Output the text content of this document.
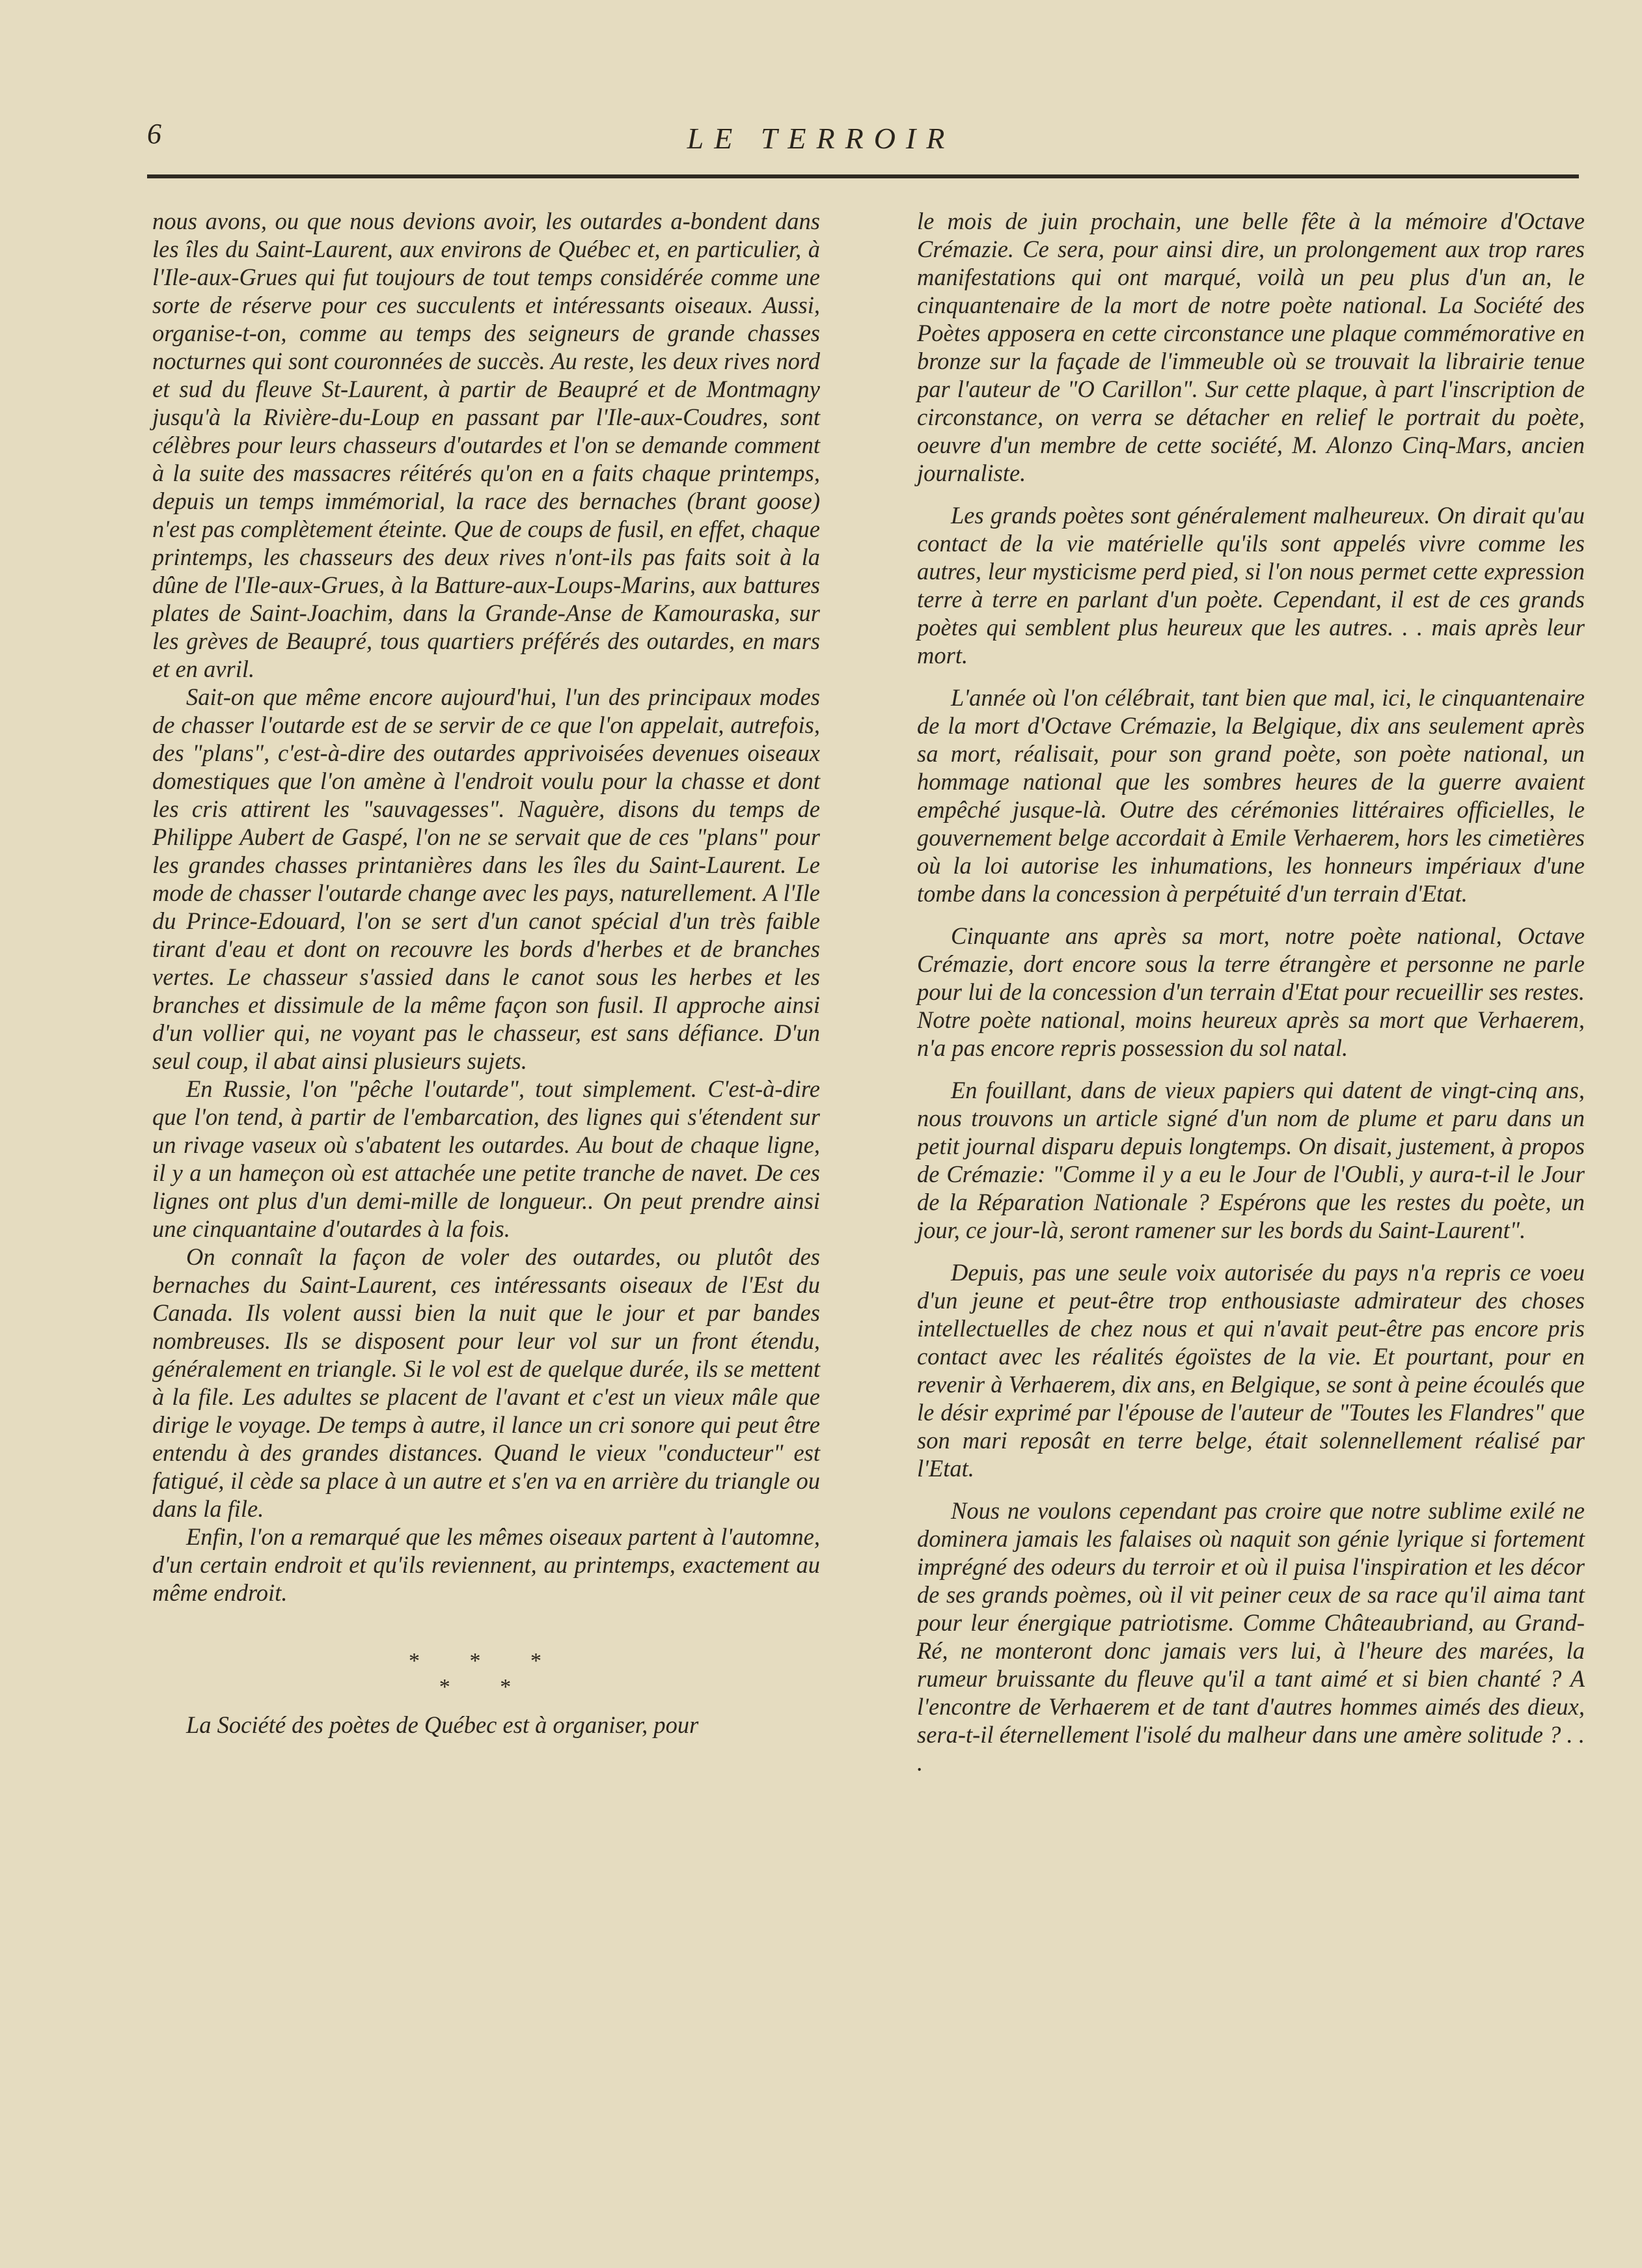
6	LE TERROIR

nous avons, ou que nous devions avoir, les outardes a-bondent dans les îles du Saint-Laurent, aux environs de Québec et, en particulier, à l'Ile-aux-Grues qui fut toujours de tout temps considérée comme une sorte de réserve pour ces succulents et intéressants oiseaux. Aussi, organise-t-on, comme au temps des seigneurs de grande chasses nocturnes qui sont couronnées de succès. Au reste, les deux rives nord et sud du fleuve St-Laurent, à partir de Beaupré et de Montmagny jusqu'à la Rivière-du-Loup en passant par l'Ile-aux-Coudres, sont célèbres pour leurs chasseurs d'outardes et l'on se demande comment à la suite des massacres réitérés qu'on en a faits chaque printemps, depuis un temps immémorial, la race des bernaches (brant goose) n'est pas complètement éteinte. Que de coups de fusil, en effet, chaque printemps, les chasseurs des deux rives n'ont-ils pas faits soit à la dûne de l'Ile-aux-Grues, à la Batture-aux-Loups-Marins, aux battures plates de Saint-Joachim, dans la Grande-Anse de Kamouraska, sur les grèves de Beaupré, tous quartiers préférés des outardes, en mars et en avril.

Sait-on que même encore aujourd'hui, l'un des principaux modes de chasser l'outarde est de se servir de ce que l'on appelait, autrefois, des "plans", c'est-à-dire des outardes apprivoisées devenues oiseaux domestiques que l'on amène à l'endroit voulu pour la chasse et dont les cris attirent les "sauvagesses". Naguère, disons du temps de Philippe Aubert de Gaspé, l'on ne se servait que de ces "plans" pour les grandes chasses printanières dans les îles du Saint-Laurent. Le mode de chasser l'outarde change avec les pays, naturellement. A l'Ile du Prince-Edouard, l'on se sert d'un canot spécial d'un très faible tirant d'eau et dont on recouvre les bords d'herbes et de branches vertes. Le chasseur s'assied dans le canot sous les herbes et les branches et dissimule de la même façon son fusil. Il approche ainsi d'un vollier qui, ne voyant pas le chasseur, est sans défiance. D'un seul coup, il abat ainsi plusieurs sujets.

En Russie, l'on "pêche l'outarde", tout simplement. C'est-à-dire que l'on tend, à partir de l'embarcation, des lignes qui s'étendent sur un rivage vaseux où s'abatent les outardes. Au bout de chaque ligne, il y a un hameçon où est attachée une petite tranche de navet. De ces lignes ont plus d'un demi-mille de longueur.. On peut prendre ainsi une cinquantaine d'outardes à la fois.

On connaît la façon de voler des outardes, ou plutôt des bernaches du Saint-Laurent, ces intéressants oiseaux de l'Est du Canada. Ils volent aussi bien la nuit que le jour et par bandes nombreuses. Ils se disposent pour leur vol sur un front étendu, généralement en triangle. Si le vol est de quelque durée, ils se mettent à la file. Les adultes se placent de l'avant et c'est un vieux mâle que dirige le voyage. De temps à autre, il lance un cri sonore qui peut être entendu à des grandes distances. Quand le vieux "conducteur" est fatigué, il cède sa place à un autre et s'en va en arrière du triangle ou dans la file.

Enfin, l'on a remarqué que les mêmes oiseaux partent à l'automne, d'un certain endroit et qu'ils reviennent, au printemps, exactement au même endroit.

* * *
* *

La Société des poètes de Québec est à organiser, pour

le mois de juin prochain, une belle fête à la mémoire d'Octave Crémazie. Ce sera, pour ainsi dire, un prolongement aux trop rares manifestations qui ont marqué, voilà un peu plus d'un an, le cinquantenaire de la mort de notre poète national. La Société des Poètes apposera en cette circonstance une plaque commémorative en bronze sur la façade de l'immeuble où se trouvait la librairie tenue par l'auteur de "O Carillon". Sur cette plaque, à part l'inscription de circonstance, on verra se détacher en relief le portrait du poète, oeuvre d'un membre de cette société, M. Alonzo Cinq-Mars, ancien journaliste.

Les grands poètes sont généralement malheureux. On dirait qu'au contact de la vie matérielle qu'ils sont appelés vivre comme les autres, leur mysticisme perd pied, si l'on nous permet cette expression terre à terre en parlant d'un poète. Cependant, il est de ces grands poètes qui semblent plus heureux que les autres. . . mais après leur mort.

L'année où l'on célébrait, tant bien que mal, ici, le cinquantenaire de la mort d'Octave Crémazie, la Belgique, dix ans seulement après sa mort, réalisait, pour son grand poète, son poète national, un hommage national que les sombres heures de la guerre avaient empêché jusque-là. Outre des cérémonies littéraires officielles, le gouvernement belge accordait à Emile Verhaerem, hors les cimetières où la loi autorise les inhumations, les honneurs impériaux d'une tombe dans la concession à perpétuité d'un terrain d'Etat.

Cinquante ans après sa mort, notre poète national, Octave Crémazie, dort encore sous la terre étrangère et personne ne parle pour lui de la concession d'un terrain d'Etat pour recueillir ses restes. Notre poète national, moins heureux après sa mort que Verhaerem, n'a pas encore repris possession du sol natal.

En fouillant, dans de vieux papiers qui datent de vingt-cinq ans, nous trouvons un article signé d'un nom de plume et paru dans un petit journal disparu depuis longtemps. On disait, justement, à propos de Crémazie: "Comme il y a eu le Jour de l'Oubli, y aura-t-il le Jour de la Réparation Nationale ? Espérons que les restes du poète, un jour, ce jour-là, seront ramener sur les bords du Saint-Laurent".

Depuis, pas une seule voix autorisée du pays n'a repris ce voeu d'un jeune et peut-être trop enthousiaste admirateur des choses intellectuelles de chez nous et qui n'avait peut-être pas encore pris contact avec les réalités égoïstes de la vie. Et pourtant, pour en revenir à Verhaerem, dix ans, en Belgique, se sont à peine écoulés que le désir exprimé par l'épouse de l'auteur de "Toutes les Flandres" que son mari reposât en terre belge, était solennellement réalisé par l'Etat.

Nous ne voulons cependant pas croire que notre sublime exilé ne dominera jamais les falaises où naquit son génie lyrique si fortement imprégné des odeurs du terroir et où il puisa l'inspiration et les décor de ses grands poèmes, où il vit peiner ceux de sa race qu'il aima tant pour leur énergique patriotisme. Comme Châteaubriand, au Grand-Ré, ne monteront donc jamais vers lui, à l'heure des marées, la rumeur bruissante du fleuve qu'il a tant aimé et si bien chanté ? A l'encontre de Verhaerem et de tant d'autres hommes aimés des dieux, sera-t-il éternellement l'isolé du malheur dans une amère solitude ? . . .
